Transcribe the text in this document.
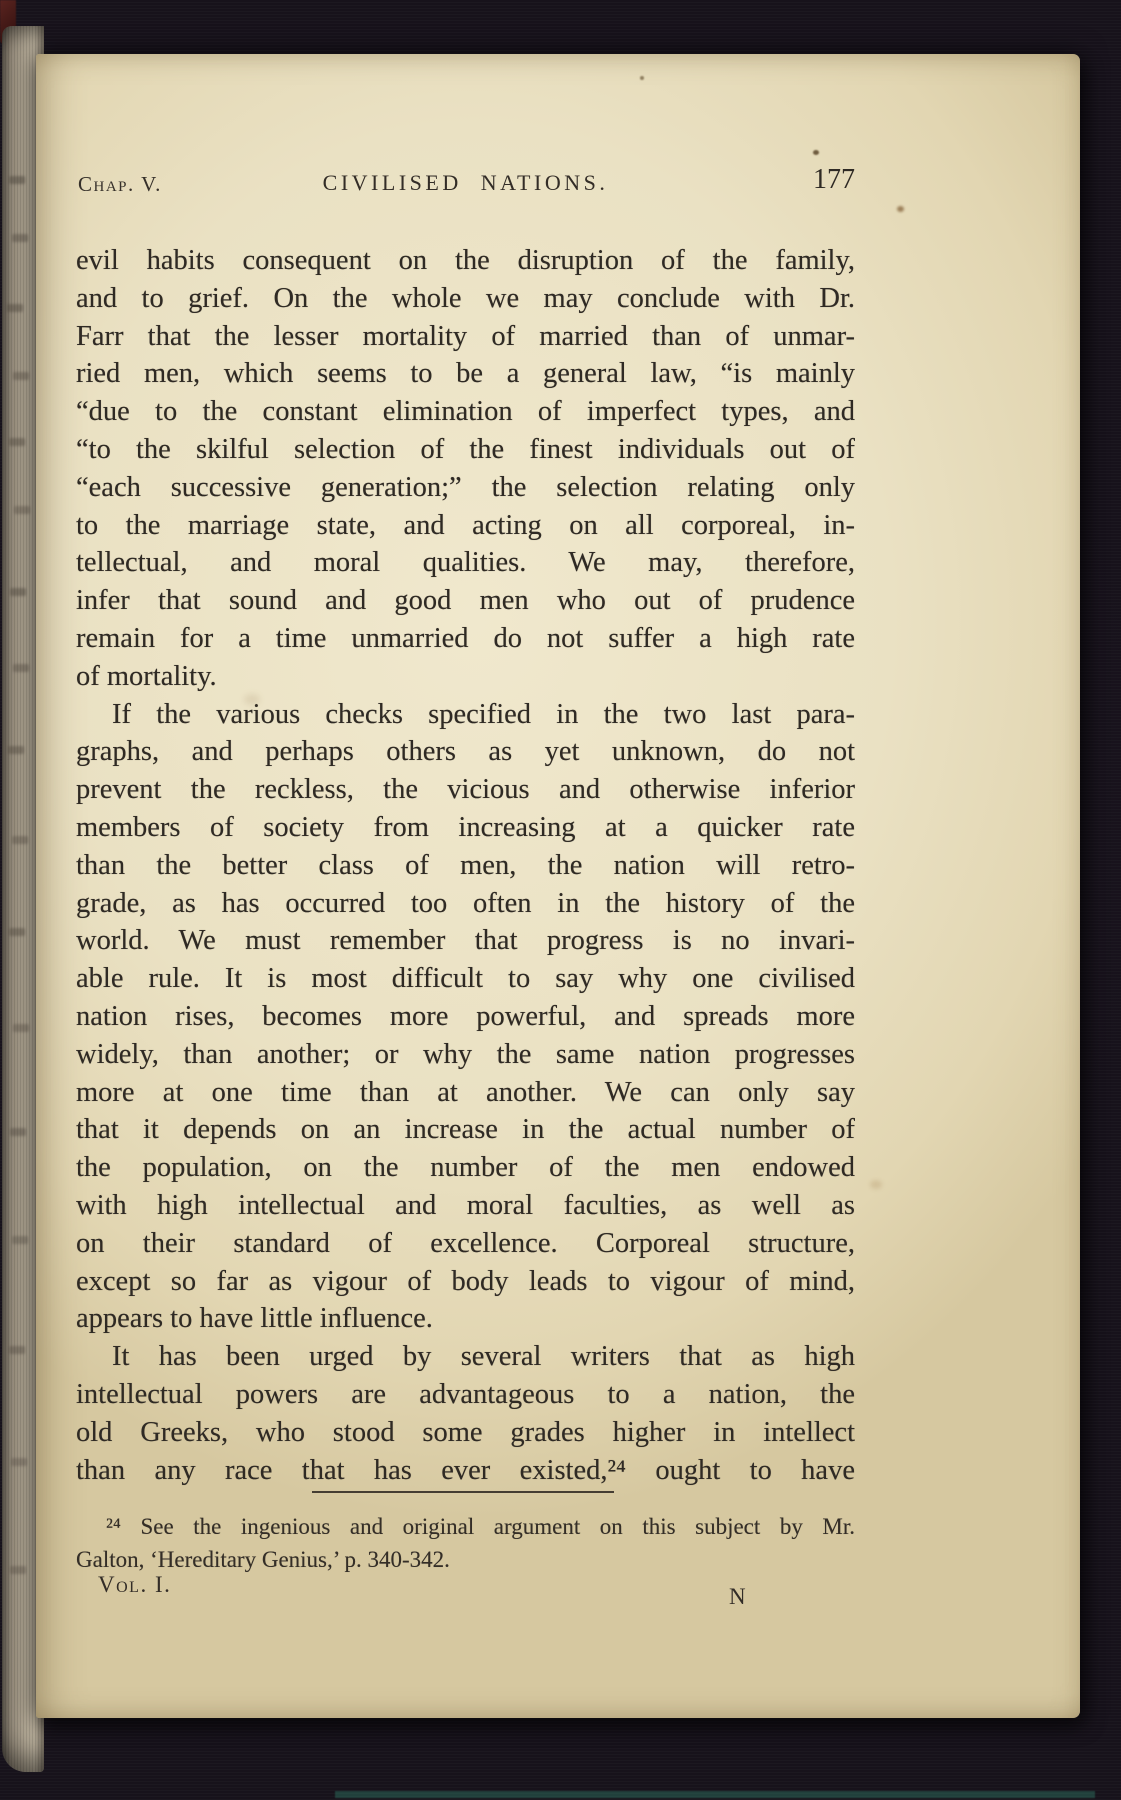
Chap. V.	CIVILISED NATIONS.	177
evil habits consequent on the disruption of the family,
and to grief. On the whole we may conclude with Dr.
Farr that the lesser mortality of married than of unmar-
ried men, which seems to be a general law, “is mainly
“due to the constant elimination of imperfect types, and
“to the skilful selection of the finest individuals out of
“each successive generation;” the selection relating only
to the marriage state, and acting on all corporeal, in-
tellectual, and moral qualities. We may, therefore,
infer that sound and good men who out of prudence
remain for a time unmarried do not suffer a high rate
of mortality.
If the various checks specified in the two last para-
graphs, and perhaps others as yet unknown, do not
prevent the reckless, the vicious and otherwise inferior
members of society from increasing at a quicker rate
than the better class of men, the nation will retro-
grade, as has occurred too often in the history of the
world. We must remember that progress is no invari-
able rule. It is most difficult to say why one civilised
nation rises, becomes more powerful, and spreads more
widely, than another; or why the same nation progresses
more at one time than at another. We can only say
that it depends on an increase in the actual number of
the population, on the number of the men endowed
with high intellectual and moral faculties, as well as
on their standard of excellence. Corporeal structure,
except so far as vigour of body leads to vigour of mind,
appears to have little influence.
It has been urged by several writers that as high
intellectual powers are advantageous to a nation, the
old Greeks, who stood some grades higher in intellect
than any race that has ever existed,²⁴ ought to have
²⁴ See the ingenious and original argument on this subject by Mr.
Galton, ‘Hereditary Genius,’ p. 340-342.
Vol. I.	N
